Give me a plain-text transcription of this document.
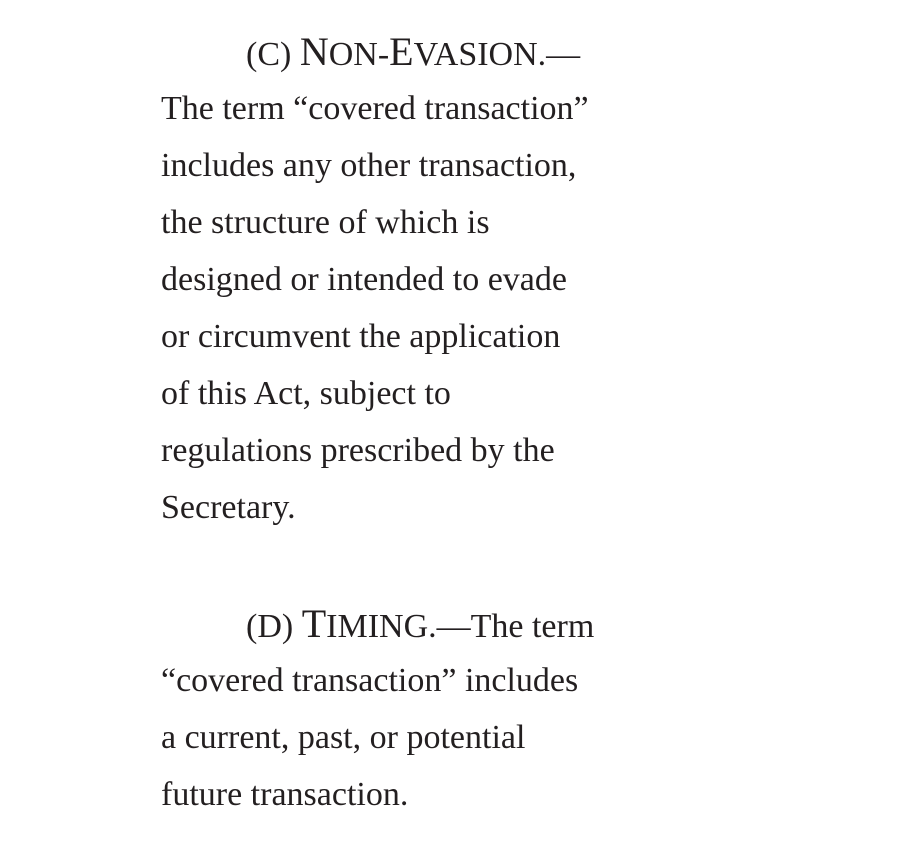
(C) NON-EVASION.—
The term “covered transaction”
includes any other transaction,
the structure of which is
designed or intended to evade
or circumvent the application
of this Act, subject to
regulations prescribed by the
Secretary.
(D) TIMING.—The term
“covered transaction” includes
a current, past, or potential
future transaction.
